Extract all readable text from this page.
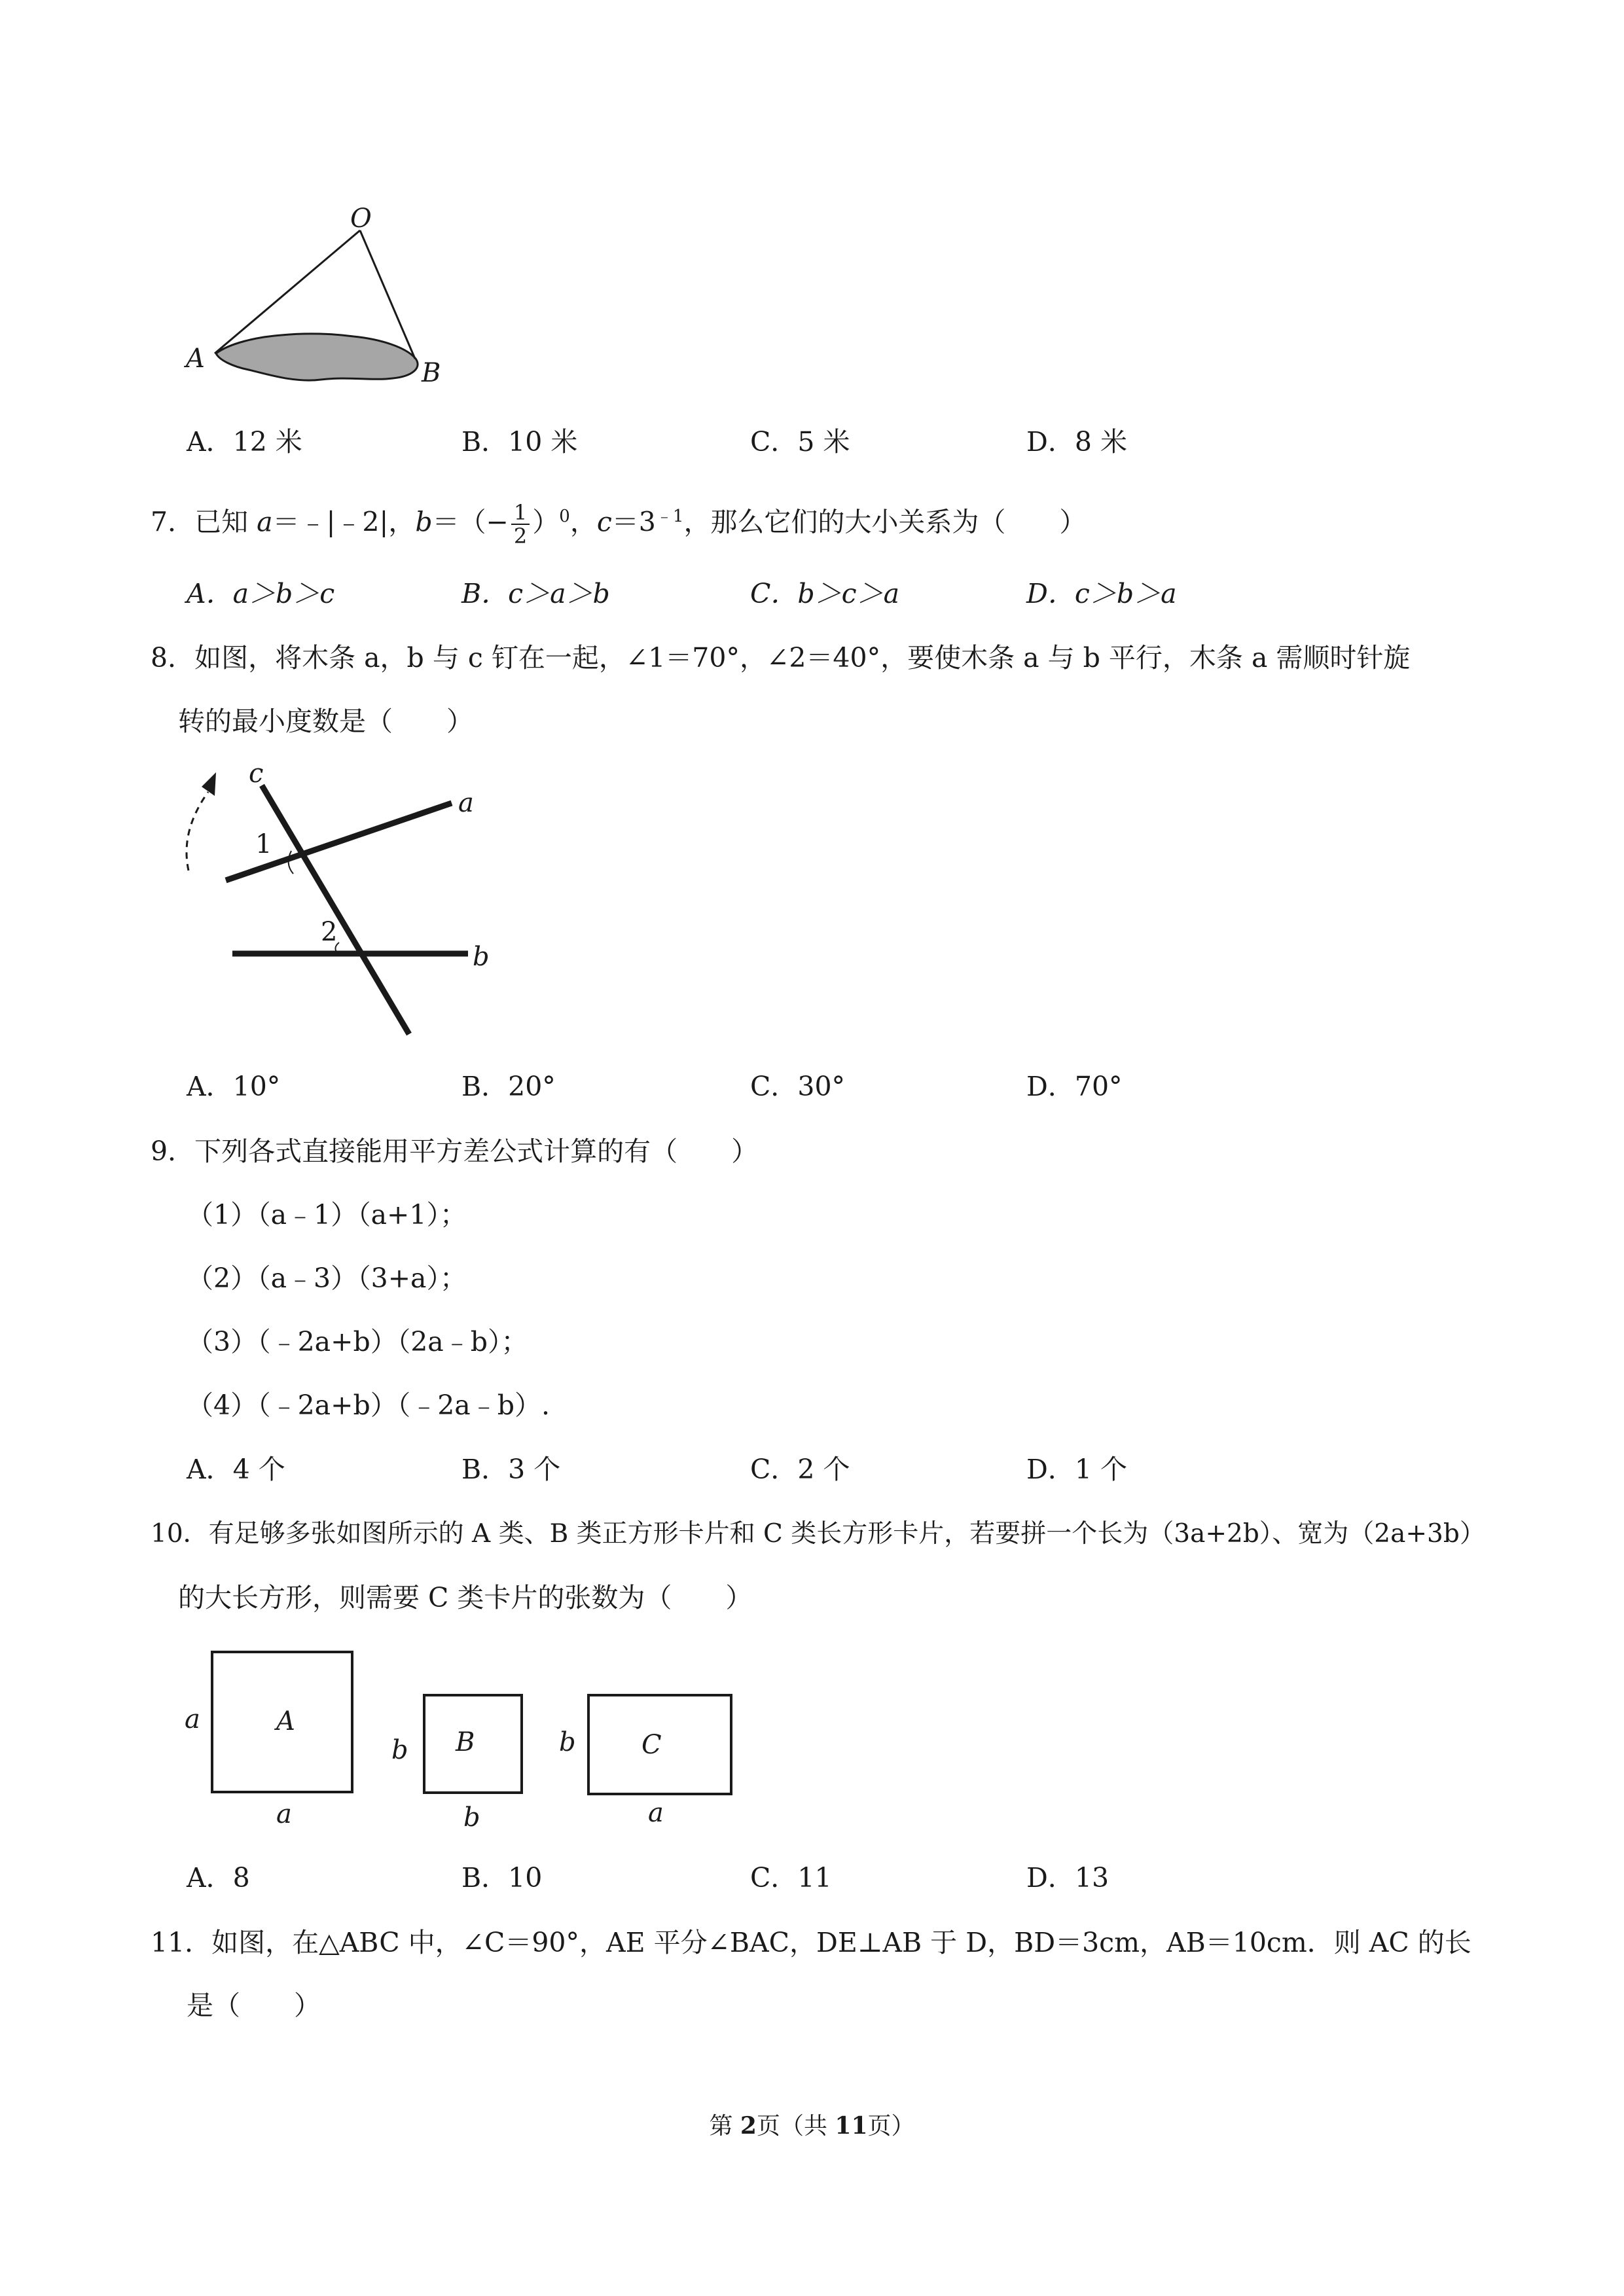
O
A	B
A．12 米	B．10 米	C．5 米	D．8 米
7．已知 a＝﹣|﹣2|，$b=(- \frac{1}{2} )^0$，$c=3^{﹣1}$，那么它们的大小关系为（　　）
A．a＞b＞c	B．c＞a＞b	C．b＞c＞a	D．c＞b＞a
8．如图，将木条 a，b 与 c 钉在一起，∠1＝70°，∠2＝40°，要使木条 a 与 b 平行，木条 a 需顺时针旋
转的最小度数是（　　）
c
a
b
1
2
A．10°	B．20°	C．30°	D．70°
9．下列各式直接能用平方差公式计算的有（　　）
（1）（a﹣1）（a+1）；
（2）（a﹣3）（3+a）；
（3）（﹣2a+b）（2a﹣b）；
（4）（﹣2a+b）（﹣2a﹣b）.
A．4 个	B．3 个	C．2 个	D．1 个
10．有足够多张如图所示的 A 类、B 类正方形卡片和 C 类长方形卡片，若要拼一个长为（3a+2b）、宽为（2a+3b）
的大长方形，则需要 C 类卡片的张数为（　　）
A
a
a
B
b
b
C
b
a
A．8	B．10	C．11	D．13
11．如图，在△ABC 中，∠C＝90°，AE 平分∠BAC，DE⊥AB 于 D，BD＝3cm，AB＝10cm．则 AC 的长
是（　　）
第 2页（共 11页）
